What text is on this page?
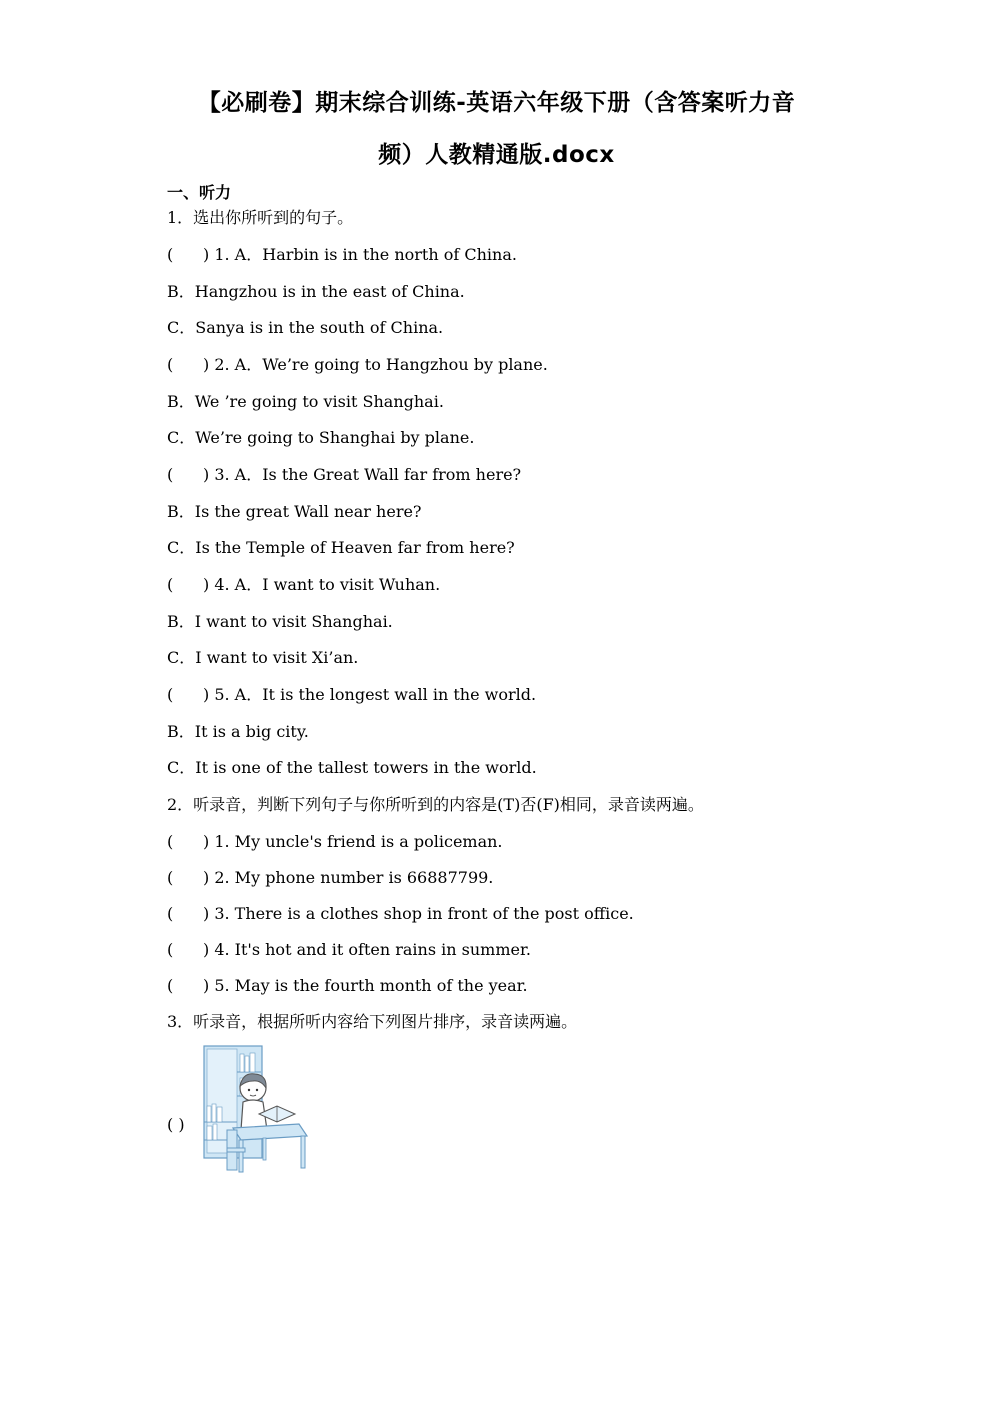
【必刷卷】期末综合训练-英语六年级下册（含答案听力音
频）人教精通版.docx
一、听力
1．选出你所听到的句子。
( ) 1. A．Harbin is in the north of China.
B．Hangzhou is in the east of China.
C．Sanya is in the south of China.
( ) 2. A．We’re going to Hangzhou by plane.
B．We ’re going to visit Shanghai.
C．We’re going to Shanghai by plane.
( ) 3. A．Is the Great Wall far from here?
B．Is the great Wall near here?
C．Is the Temple of Heaven far from here?
( ) 4. A．I want to visit Wuhan.
B．I want to visit Shanghai.
C．I want to visit Xi’an.
( ) 5. A．It is the longest wall in the world.
B．It is a big city.
C．It is one of the tallest towers in the world.
2．听录音，判断下列句子与你所听到的内容是(T)否(F)相同，录音读两遍。
( ) 1. My uncle's friend is a policeman.
( ) 2. My phone number is 66887799.
( ) 3. There is a clothes shop in front of the post office.
( ) 4. It's hot and it often rains in summer.
( ) 5. May is the fourth month of the year.
3．听录音，根据所听内容给下列图片排序，录音读两遍。
( )
